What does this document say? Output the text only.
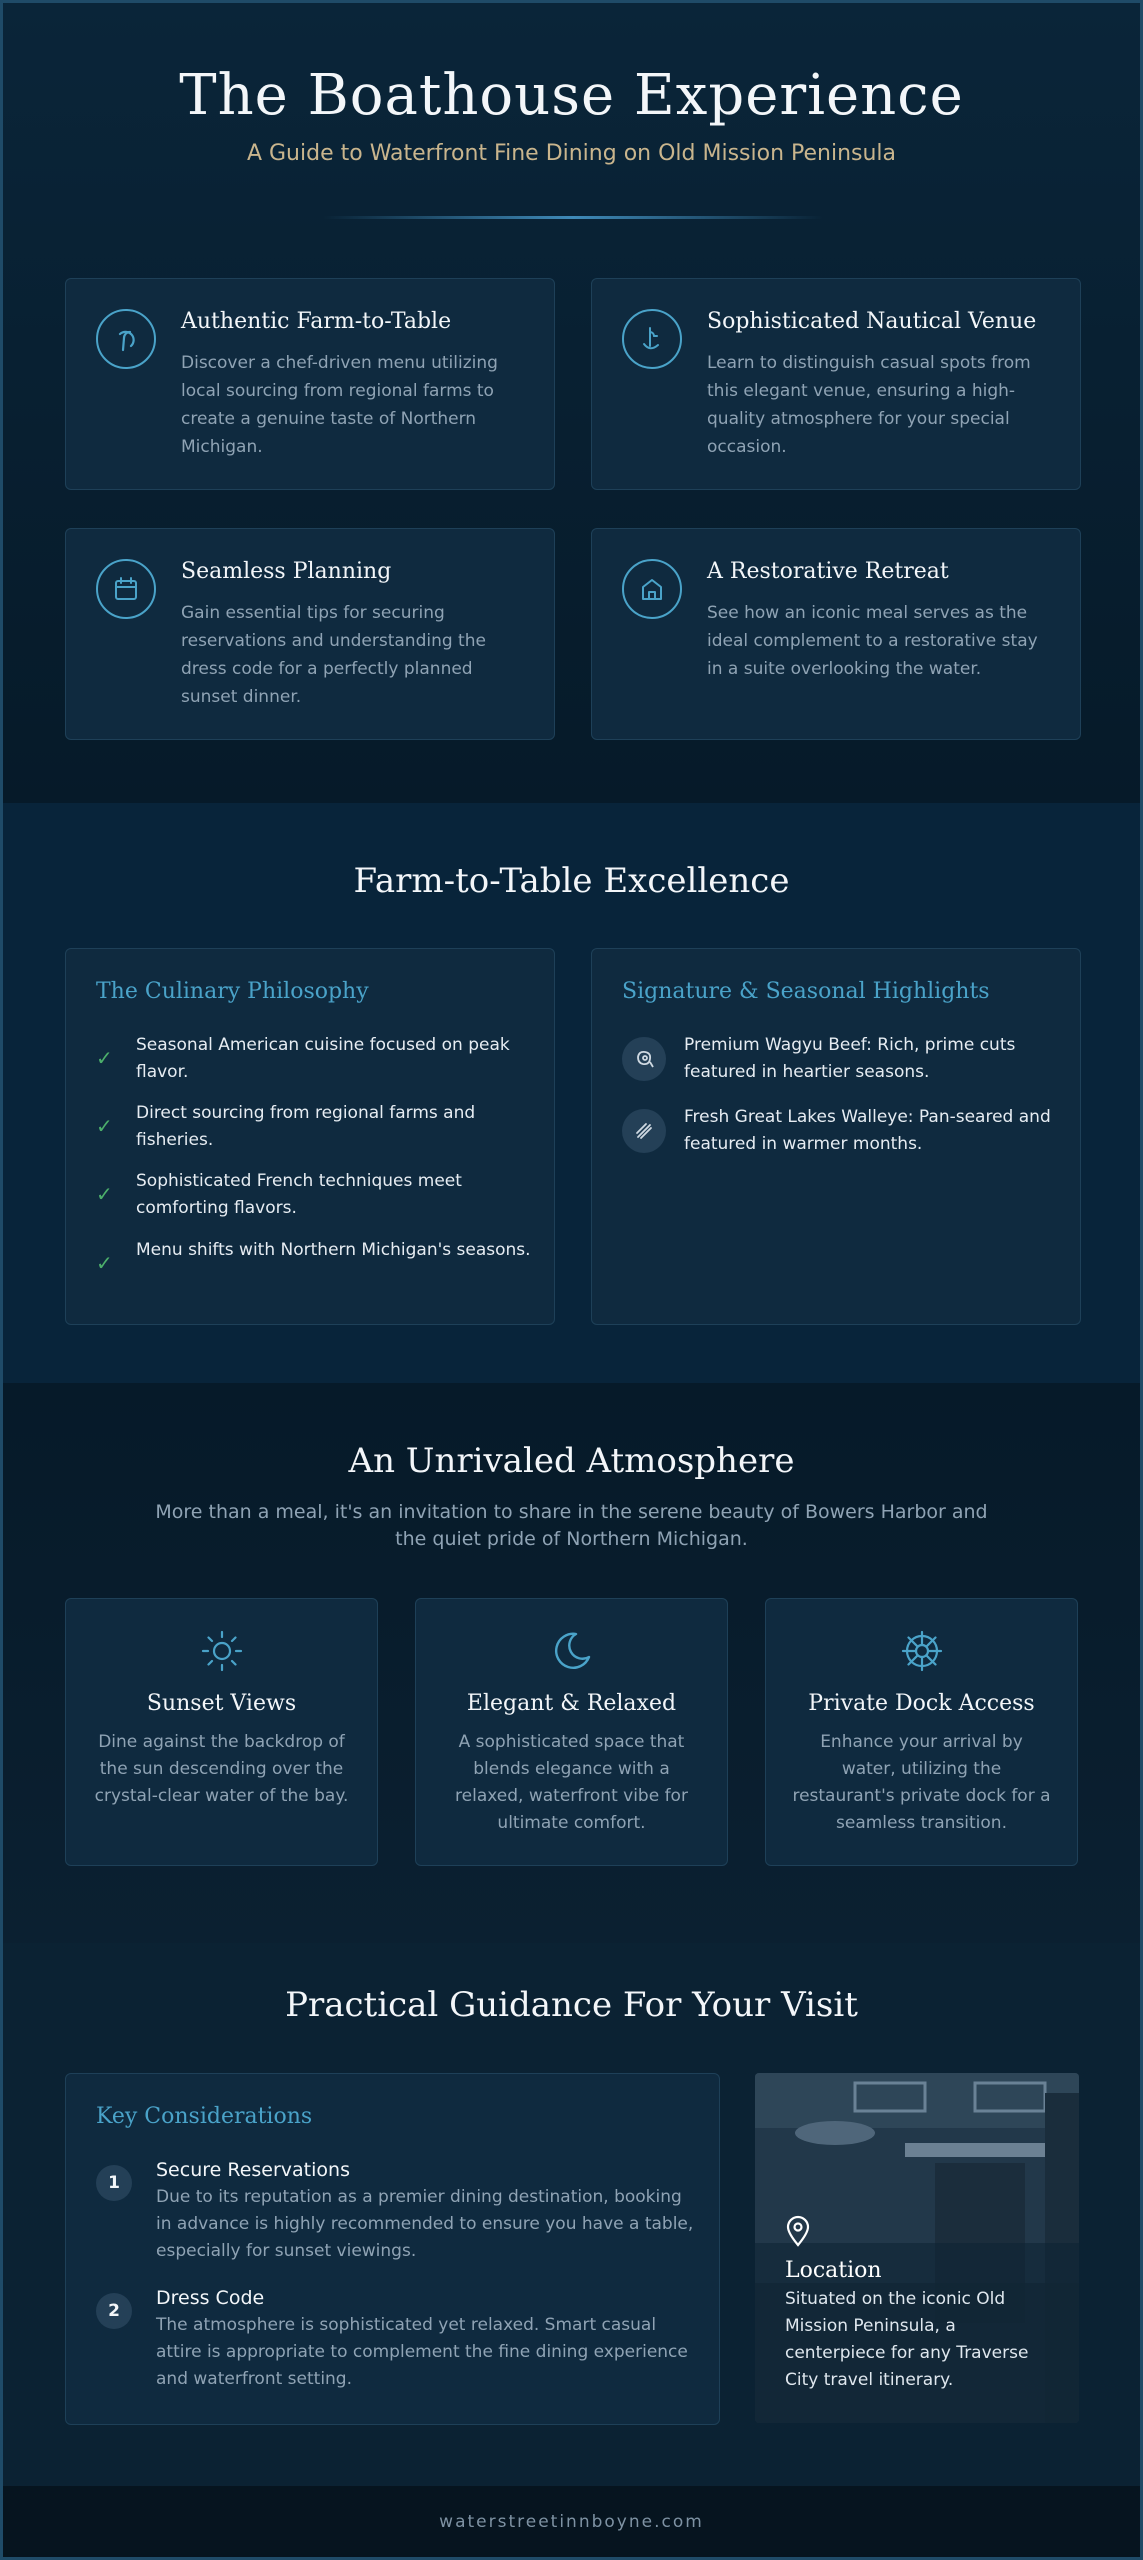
The Boathouse Experience
A Guide to Waterfront Fine Dining on Old Mission Peninsula
Authentic Farm-to-Table
Discover a chef-driven menu utilizing local sourcing from regional farms to create a genuine taste of Northern Michigan.
Sophisticated Nautical Venue
Learn to distinguish casual spots from this elegant venue, ensuring a high-quality atmosphere for your special occasion.
Seamless Planning
Gain essential tips for securing reservations and understanding the dress code for a perfectly planned sunset dinner.
A Restorative Retreat
See how an iconic meal serves as the ideal complement to a restorative stay in a suite overlooking the water.
Farm-to-Table Excellence
The Culinary Philosophy
✓
Seasonal American cuisine focused on peak flavor.
✓
Direct sourcing from regional farms and fisheries.
✓
Sophisticated French techniques meet comforting flavors.
✓
Menu shifts with Northern Michigan's seasons.
Signature & Seasonal Highlights
Premium Wagyu Beef: Rich, prime cuts featured in heartier seasons.
Fresh Great Lakes Walleye: Pan-seared and featured in warmer months.
An Unrivaled Atmosphere
More than a meal, it's an invitation to share in the serene beauty of Bowers Harbor and the quiet pride of Northern Michigan.
Sunset Views
Dine against the backdrop of the sun descending over the crystal-clear water of the bay.
Elegant & Relaxed
A sophisticated space that blends elegance with a relaxed, waterfront vibe for ultimate comfort.
Private Dock Access
Enhance your arrival by water, utilizing the restaurant's private dock for a seamless transition.
Practical Guidance For Your Visit
Key Considerations
1
Secure Reservations
Due to its reputation as a premier dining destination, booking in advance is highly recommended to ensure you have a table, especially for sunset viewings.
2
Dress Code
The atmosphere is sophisticated yet relaxed. Smart casual attire is appropriate to complement the fine dining experience and waterfront setting.
Location
Situated on the iconic Old Mission Peninsula, a centerpiece for any Traverse City travel itinerary.
waterstreetinnboyne.com
